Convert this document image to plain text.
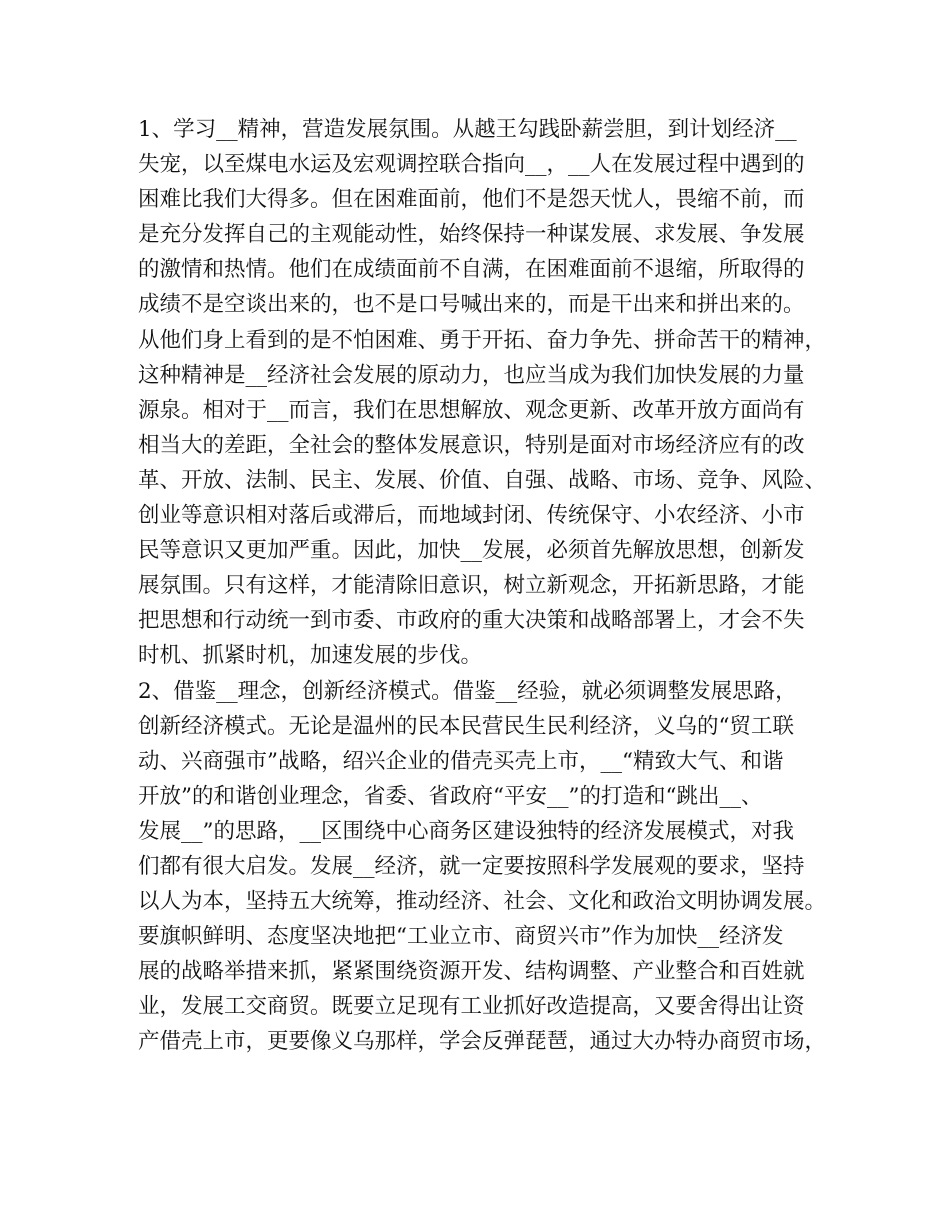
1、学习__精神，营造发展氛围。从越王勾践卧薪尝胆，到计划经济__
失宠，以至煤电水运及宏观调控联合指向__，__人在发展过程中遇到的
困难比我们大得多。但在困难面前，他们不是怨天忧人，畏缩不前，而
是充分发挥自己的主观能动性，始终保持一种谋发展、求发展、争发展
的激情和热情。他们在成绩面前不自满，在困难面前不退缩，所取得的
成绩不是空谈出来的，也不是口号喊出来的，而是干出来和拼出来的。
从他们身上看到的是不怕困难、勇于开拓、奋力争先、拼命苦干的精神，
这种精神是__经济社会发展的原动力，也应当成为我们加快发展的力量
源泉。相对于__而言，我们在思想解放、观念更新、改革开放方面尚有
相当大的差距，全社会的整体发展意识，特别是面对市场经济应有的改
革、开放、法制、民主、发展、价值、自强、战略、市场、竞争、风险、
创业等意识相对落后或滞后，而地域封闭、传统保守、小农经济、小市
民等意识又更加严重。因此，加快__发展，必须首先解放思想，创新发
展氛围。只有这样，才能清除旧意识，树立新观念，开拓新思路，才能
把思想和行动统一到市委、市政府的重大决策和战略部署上，才会不失
时机、抓紧时机，加速发展的步伐。
2、借鉴__理念，创新经济模式。借鉴__经验，就必须调整发展思路，
创新经济模式。无论是温州的民本民营民生民利经济，义乌的“贸工联
动、兴商强市”战略，绍兴企业的借壳买壳上市，__“精致大气、和谐
开放”的和谐创业理念，省委、省政府“平安__”的打造和“跳出__、
发展__”的思路，__区围绕中心商务区建设独特的经济发展模式，对我
们都有很大启发。发展__经济，就一定要按照科学发展观的要求，坚持
以人为本，坚持五大统筹，推动经济、社会、文化和政治文明协调发展。
要旗帜鲜明、态度坚决地把“工业立市、商贸兴市”作为加快__经济发
展的战略举措来抓，紧紧围绕资源开发、结构调整、产业整合和百姓就
业，发展工交商贸。既要立足现有工业抓好改造提高，又要舍得出让资
产借壳上市，更要像义乌那样，学会反弹琵琶，通过大办特办商贸市场，
